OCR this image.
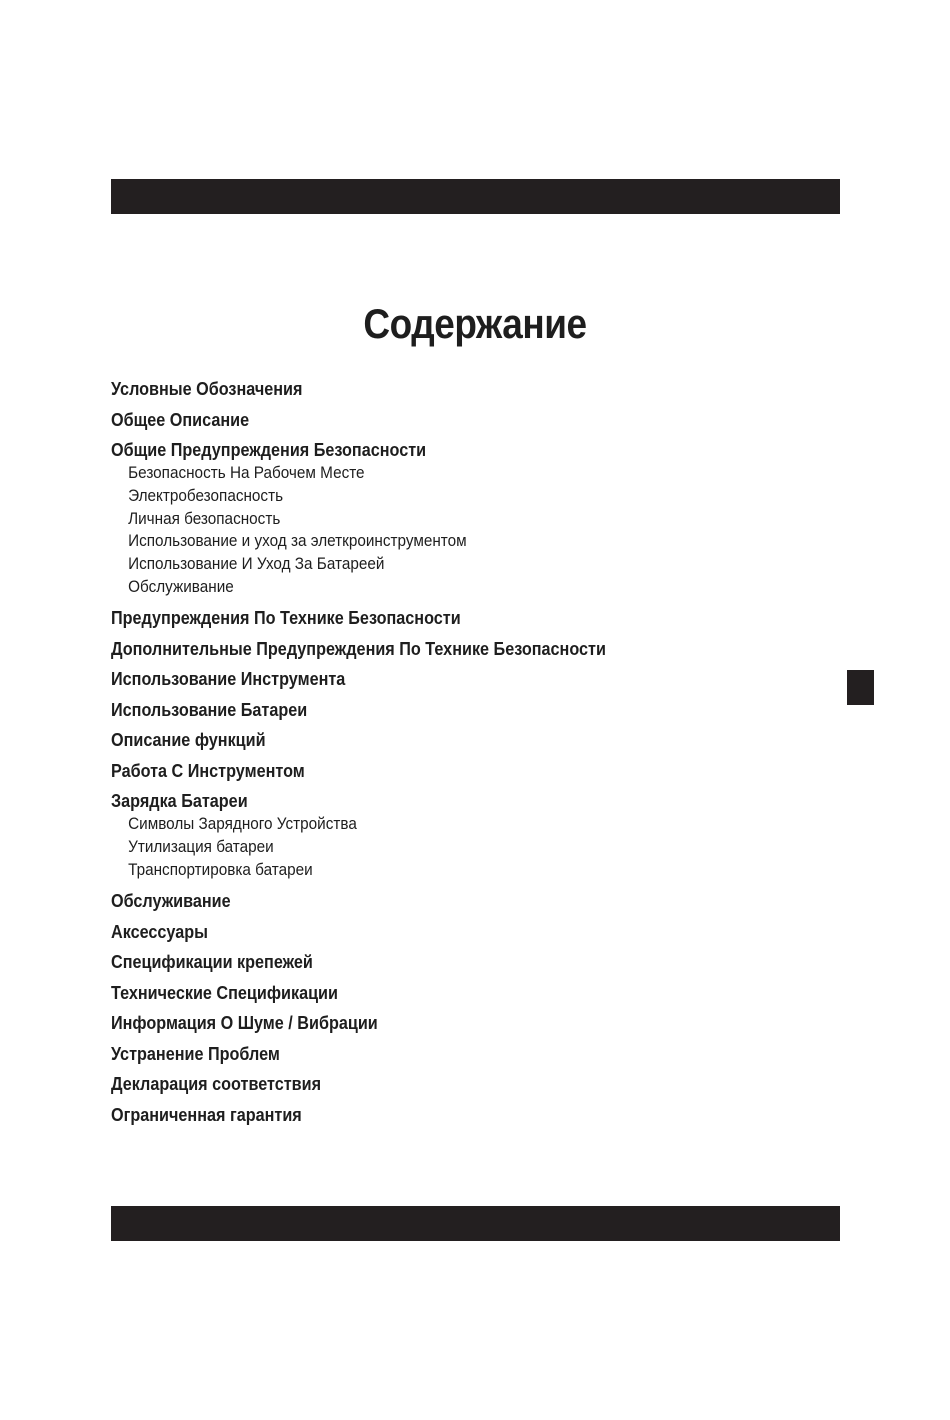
Содержание
Условные Обозначения
Общее Описание
Общие Предупреждения Безопасности
Безопасность На Рабочем Месте
Электробезопасность
Личная безопасность
Использование и уход за элеткроинструментом
Использование И Уход За Батареей
Обслуживание
Предупреждения По Технике Безопасности
Дополнительные Предупреждения По Технике Безопасности
Использование Инструмента
Использование Батареи
Описание функций
Работа С Инструментом
Зарядка Батареи
Символы Зарядного Устройства
Утилизация батареи
Транспортировка батареи
Обслуживание
Аксессуары
Спецификации крепежей
Технические Спецификации
Информация О Шуме / Вибрации
Устранение Проблем
Декларация соответствия
Ограниченная гарантия
